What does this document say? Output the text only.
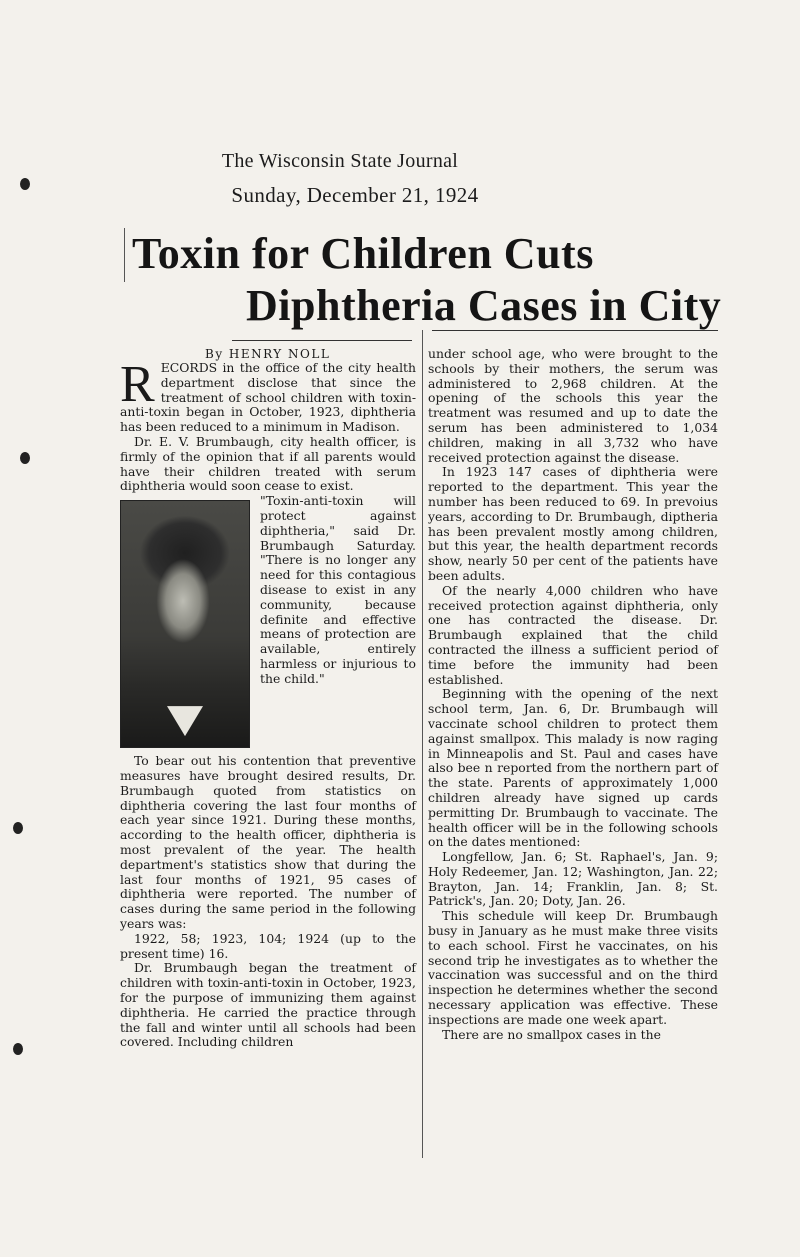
The Wisconsin State Journal
Sunday, December 21, 1924
Toxin for Children Cuts
Diphtheria Cases in City
By HENRY NOLL

RECORDS in the office of the city health department disclose that since the treatment of school children with toxin-anti-toxin began in October, 1923, diphtheria has been reduced to a minimum in Madison.

Dr. E. V. Brumbaugh, city health officer, is firmly of the opinion that if all parents would have their children treated with serum diphtheria would soon cease to exist.

"Toxin-anti-toxin will protect against diphtheria," said Dr. Brumbaugh Saturday. "There is no longer any need for this contagious disease to exist in any community, because definite and effective means of protection are available, entirely harmless or injurious to the child."

To bear out his contention that preventive measures have brought desired results, Dr. Brumbaugh quoted from statistics on diphtheria covering the last four months of each year since 1921. During these months, according to the health officer, diphtheria is most prevalent of the year. The health department's statistics show that during the last four months of 1921, 95 cases of diphtheria were reported. The number of cases during the same period in the following years was:

1922, 58; 1923, 104; 1924 (up to the present time) 16.

Dr. Brumbaugh began the treatment of children with toxin-anti-toxin in October, 1923, for the purpose of immunizing them against diphtheria. He carried the practice through the fall and winter until all schools had been covered. Including children

under school age, who were brought to the schools by their mothers, the serum was administered to 2,968 children. At the opening of the schools this year the treatment was resumed and up to date the serum has been administered to 1,034 children, making in all 3,732 who have received protection against the disease.

In 1923 147 cases of diphtheria were reported to the department. This year the number has been reduced to 69. In prevoius years, according to Dr. Brumbaugh, diptheria has been prevalent mostly among children, but this year, the health department records show, nearly 50 per cent of the patients have been adults.

Of the nearly 4,000 children who have received protection against diphtheria, only one has contracted the disease. Dr. Brumbaugh explained that the child contracted the illness a sufficient period of time before the immunity had been established.

Beginning with the opening of the next school term, Jan. 6, Dr. Brumbaugh will vaccinate school children to protect them against smallpox. This malady is now raging in Minneapolis and St. Paul and cases have also bee n reported from the northern part of the state. Parents of approximately 1,000 children already have signed up cards permitting Dr. Brumbaugh to vaccinate. The health officer will be in the following schools on the dates mentioned:

Longfellow, Jan. 6; St. Raphael's, Jan. 9; Holy Redeemer, Jan. 12; Washington, Jan. 22; Brayton, Jan. 14; Franklin, Jan. 8; St. Patrick's, Jan. 20; Doty, Jan. 26.

This schedule will keep Dr. Brumbaugh busy in January as he must make three visits to each school. First he vaccinates, on his second trip he investigates as to whether the vaccination was successful and on the third inspection he determines whether the second necessary application was effective. These inspections are made one week apart.

There are no smallpox cases in the
